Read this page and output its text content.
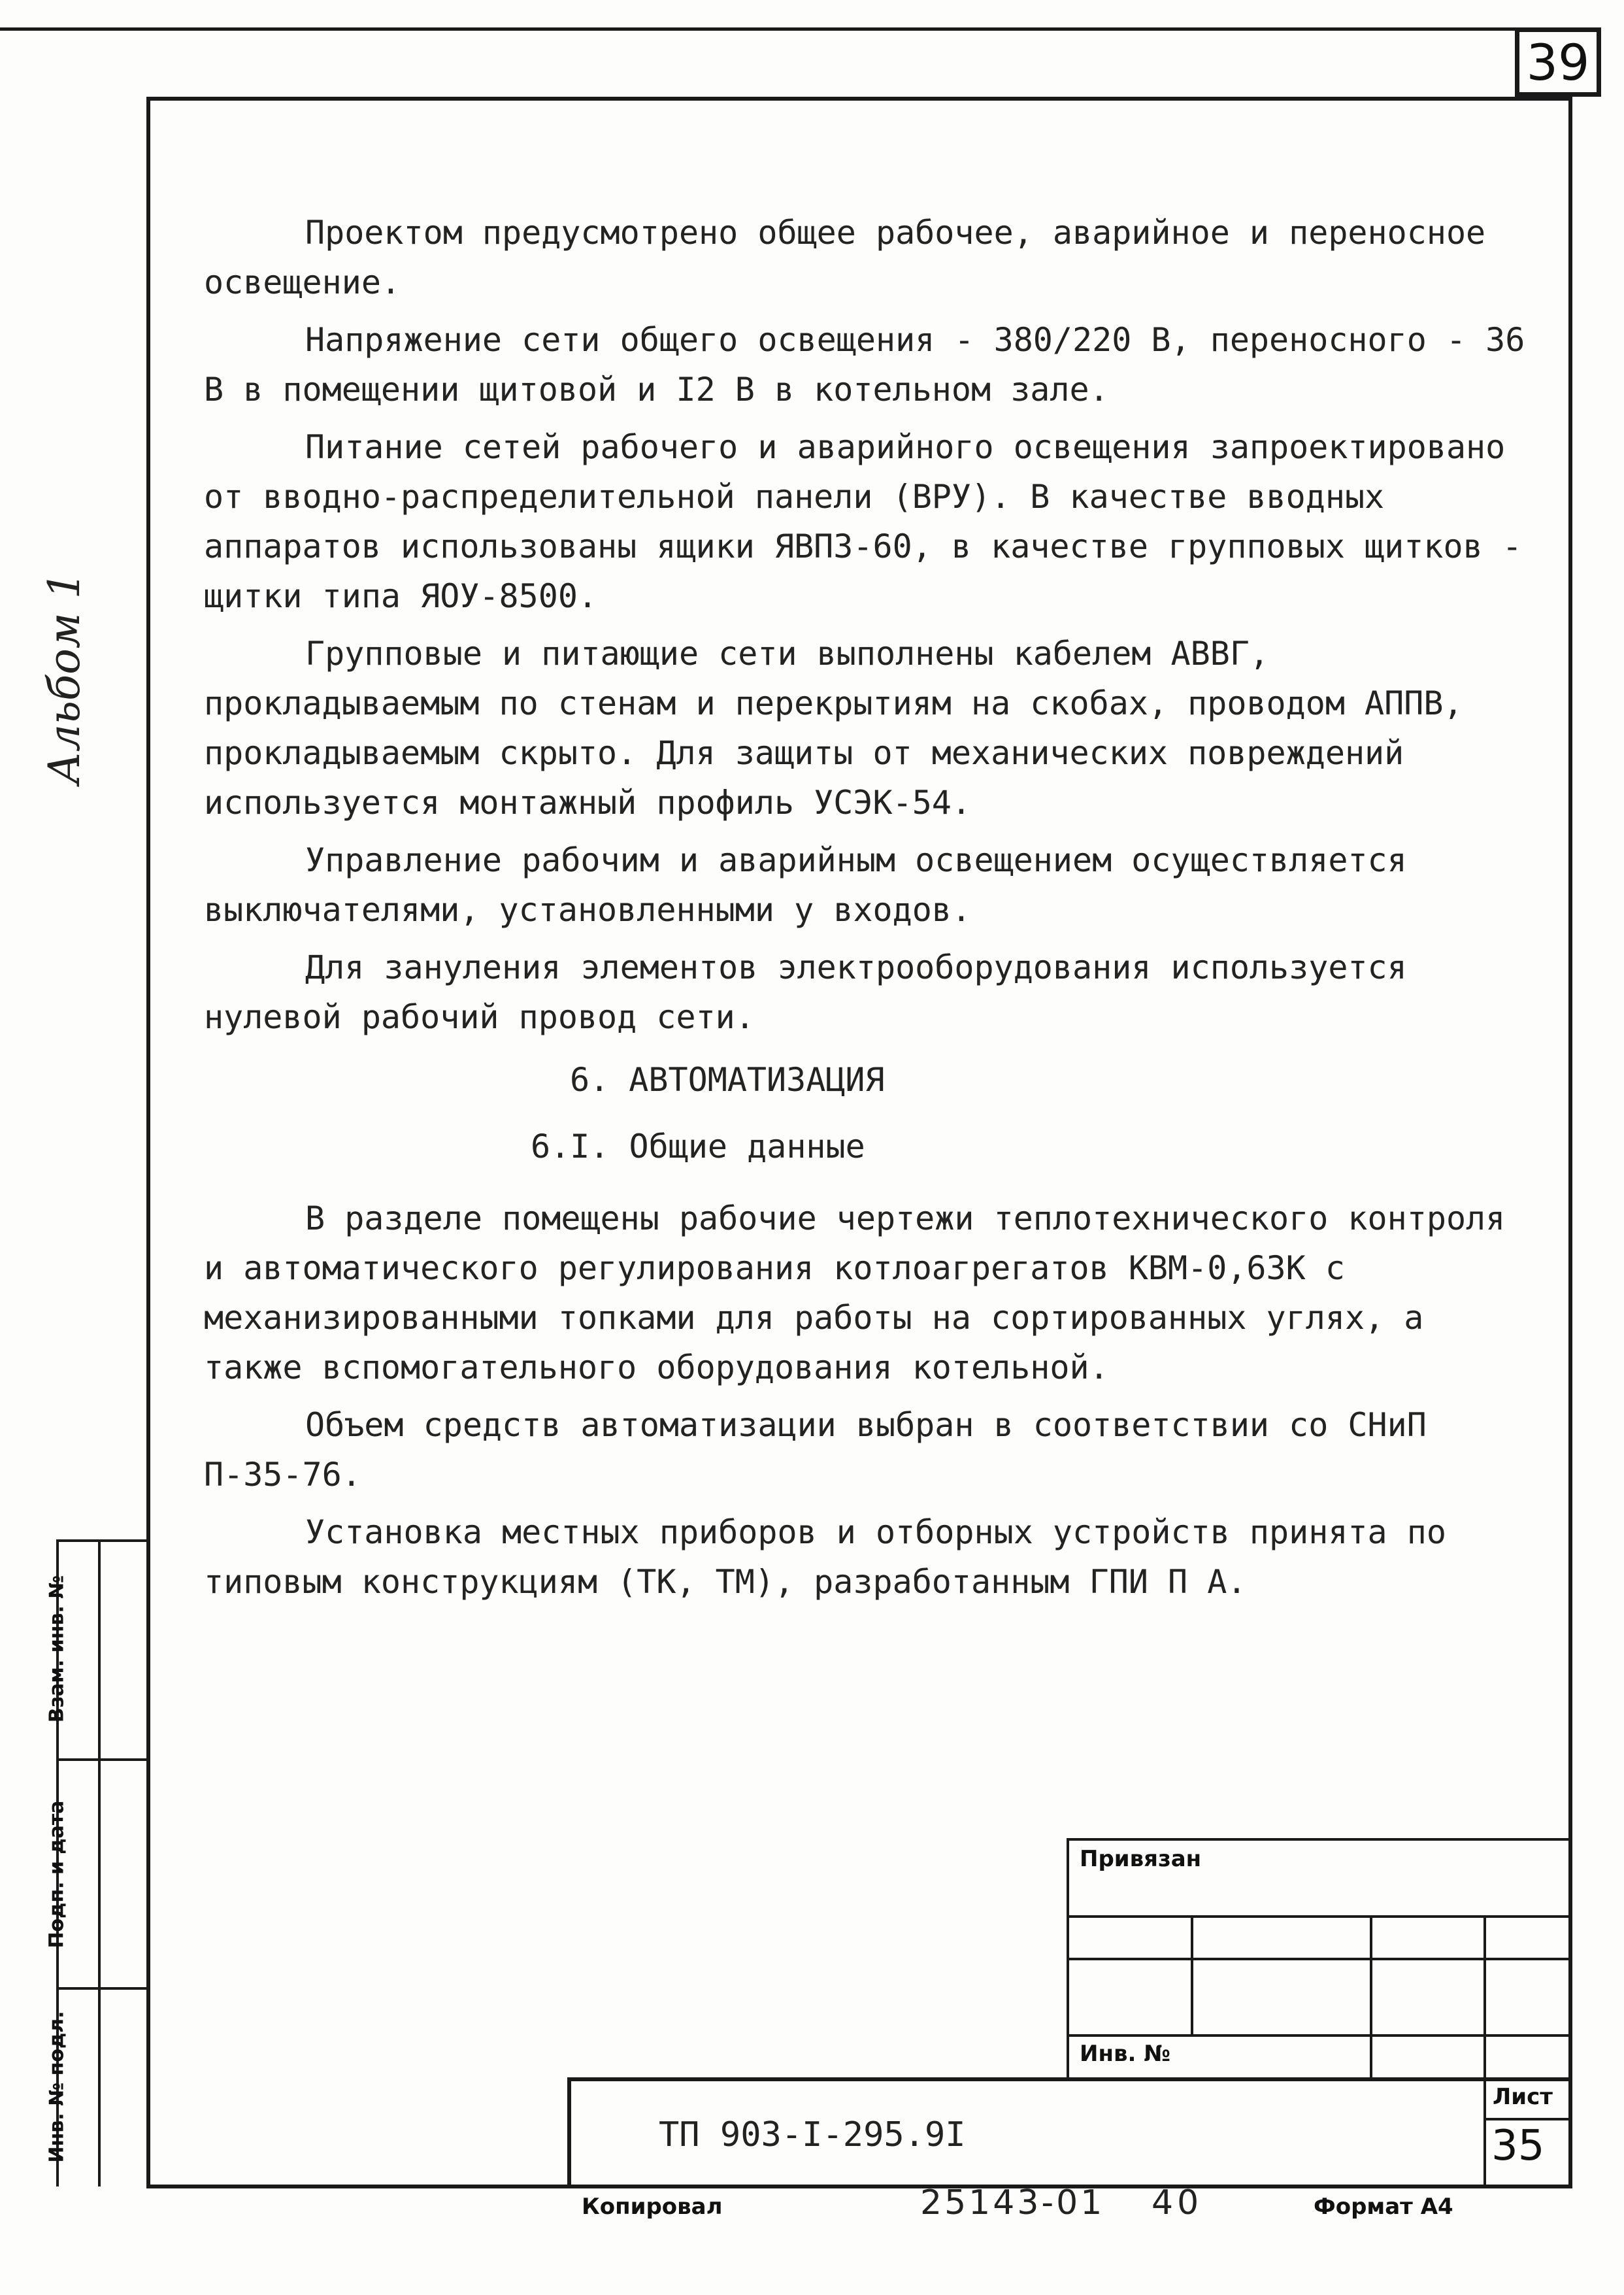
39
Альбом 1

Проектом предусмотрено общее рабочее, аварийное и переносное освещение.

Напряжение сети общего освещения - 380/220 В, переносного - 36 В в помещении щитовой и I2 В в котельном зале.

Питание сетей рабочего и аварийного освещения запроектировано от вводно-распределительной панели (ВРУ). В качестве вводных аппаратов использованы ящики ЯВПЗ-60, в качестве групповых щитков - щитки типа ЯОУ-8500.

Групповые и питающие сети выполнены кабелем АВВГ, прокладываемым по стенам и перекрытиям на скобах, проводом АППВ, прокладываемым скрыто. Для защиты от механических повреждений используется монтажный профиль УСЭК-54.

Управление рабочим и аварийным освещением осуществляется выключателями, установленными у входов.

Для зануления элементов электрооборудования используется нулевой рабочий провод сети.

6. АВТОМАТИЗАЦИЯ
6.I. Общие данные

В разделе помещены рабочие чертежи теплотехнического контроля и автоматического регулирования котлоагрегатов КВМ-0,63К с механизированными топками для работы на сортированных углях, а также вспомогательного оборудования котельной.

Объем средств автоматизации выбран в соответствии со СНиП П-35-76.

Установка местных приборов и отборных устройств принята по типовым конструкциям (ТК, ТМ), разработанным ГПИ П А.

Взам. инв. №
Подп. и дата
Инв. № подл.
Привязан
Инв. №
Лист
35
ТП 903-I-295.9I
Копировал	25143-01 40	Формат А4
